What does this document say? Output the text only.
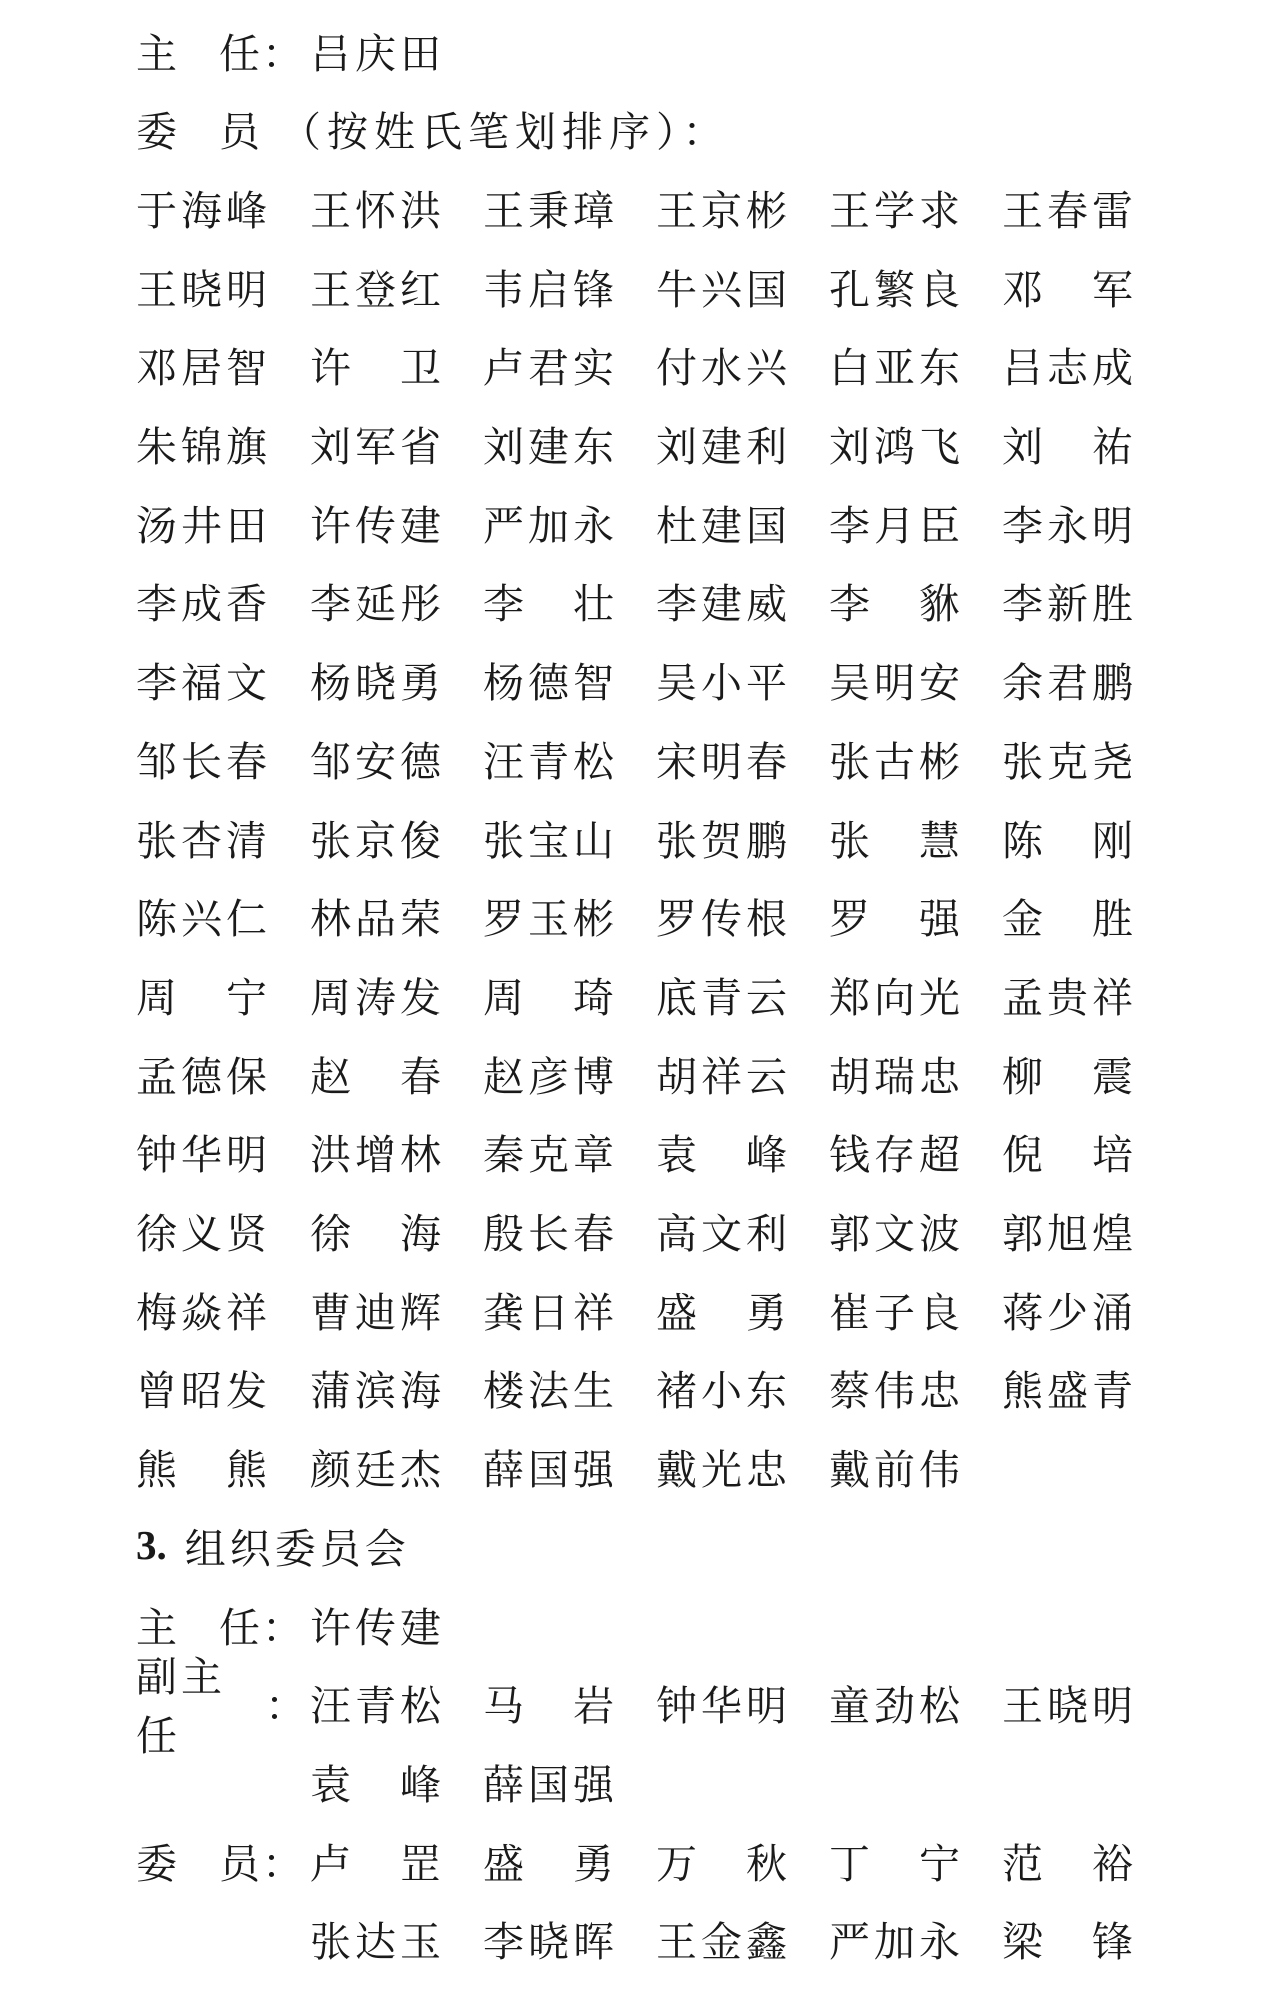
主 任 ： 吕庆田
委 员 （按姓氏笔划排序）：
于海峰 王怀洪 王秉璋 王京彬 王学求 王春雷
王晓明 王登红 韦启锋 牛兴国 孔繁良 邓　军
邓居智 许　卫 卢君实 付水兴 白亚东 吕志成
朱锦旗 刘军省 刘建东 刘建利 刘鸿飞 刘　祐
汤井田 许传建 严加永 杜建国 李月臣 李永明
李成香 李延彤 李　壮 李建威 李　貅 李新胜
李福文 杨晓勇 杨德智 吴小平 吴明安 余君鹏
邹长春 邹安德 汪青松 宋明春 张古彬 张克尧
张杏清 张京俊 张宝山 张贺鹏 张　慧 陈　刚
陈兴仁 林品荣 罗玉彬 罗传根 罗　强 金　胜
周　宁 周涛发 周　琦 底青云 郑向光 孟贵祥
孟德保 赵　春 赵彦博 胡祥云 胡瑞忠 柳　震
钟华明 洪增林 秦克章 袁　峰 钱存超 倪　培
徐义贤 徐　海 殷长春 高文利 郭文波 郭旭煌
梅焱祥 曹迪辉 龚日祥 盛　勇 崔子良 蒋少涌
曾昭发 蒲滨海 楼法生 褚小东 蔡伟忠 熊盛青
熊　熊 颜廷杰 薛国强 戴光忠 戴前伟
3. 组织委员会
主 任 ： 许传建
副主任
： 汪青松 马　岩 钟华明 童劲松 王晓明
袁　峰 薛国强
委 员 ： 卢　罡 盛　勇 万　秋 丁　宁 范　裕
张达玉 李晓晖 王金鑫 严加永 梁　锋
